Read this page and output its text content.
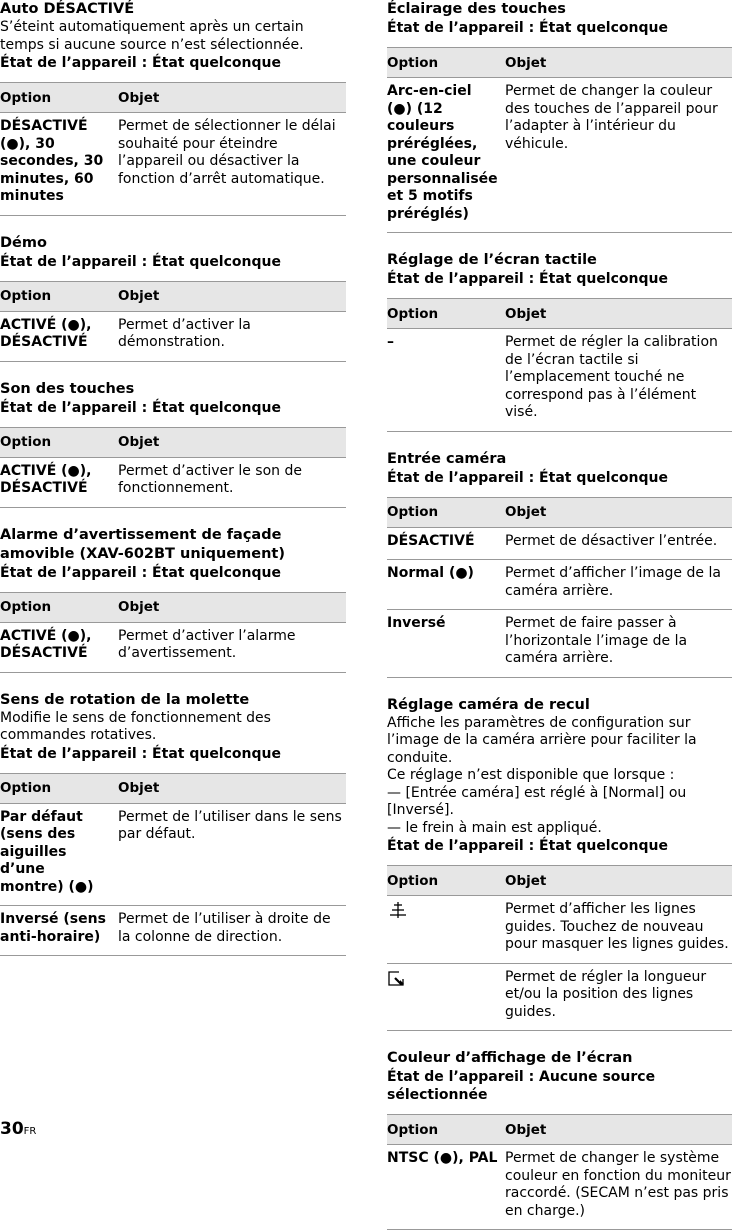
Auto DÉSACTIVÉ
S’éteint automatiquement après un certain temps si aucune source n’est sélectionnée.
État de l’appareil : État quelconque
Option	Objet
DÉSACTIVÉ (●), 30 secondes, 30 minutes, 60 minutes	Permet de sélectionner le délai souhaité pour éteindre l’appareil ou désactiver la fonction d’arrêt automatique.
Démo
État de l’appareil : État quelconque
Option	Objet
ACTIVÉ (●), DÉSACTIVÉ	Permet d’activer la démonstration.
Son des touches
État de l’appareil : État quelconque
Option	Objet
ACTIVÉ (●), DÉSACTIVÉ	Permet d’activer le son de fonctionnement.
Alarme d’avertissement de façade amovible (XAV-602BT uniquement)
État de l’appareil : État quelconque
Option	Objet
ACTIVÉ (●), DÉSACTIVÉ	Permet d’activer l’alarme d’avertissement.
Sens de rotation de la molette
Modifie le sens de fonctionnement des commandes rotatives.
État de l’appareil : État quelconque
Option	Objet
Par défaut (sens des aiguilles d’une montre) (●)	Permet de l’utiliser dans le sens par défaut.
Inversé (sens anti-horaire)	Permet de l’utiliser à droite de la colonne de direction.
Éclairage des touches
État de l’appareil : État quelconque
Option	Objet
Arc-en-ciel (●) (12 couleurs préréglées, une couleur personnalisée et 5 motifs préréglés)	Permet de changer la couleur des touches de l’appareil pour l’adapter à l’intérieur du véhicule.
Réglage de l’écran tactile
État de l’appareil : État quelconque
Option	Objet
–	Permet de régler la calibration de l’écran tactile si l’emplacement touché ne correspond pas à l’élément visé.
Entrée caméra
État de l’appareil : État quelconque
Option	Objet
DÉSACTIVÉ	Permet de désactiver l’entrée.
Normal (●)	Permet d’afficher l’image de la caméra arrière.
Inversé	Permet de faire passer à l’horizontale l’image de la caméra arrière.
Réglage caméra de recul
Affiche les paramètres de configuration sur l’image de la caméra arrière pour faciliter la conduite.
Ce réglage n’est disponible que lorsque :
— [Entrée caméra] est réglé à [Normal] ou [Inversé].
— le frein à main est appliqué.
État de l’appareil : État quelconque
Option	Objet

	Permet d’afficher les lignes guides. Touchez de nouveau pour masquer les lignes guides.

	Permet de régler la longueur et/ou la position des lignes guides.
Couleur d’affichage de l’écran
État de l’appareil : Aucune source sélectionnée
Option	Objet
NTSC (●), PAL	Permet de changer le système couleur en fonction du moniteur raccordé. (SECAM n’est pas pris en charge.)
30FR
